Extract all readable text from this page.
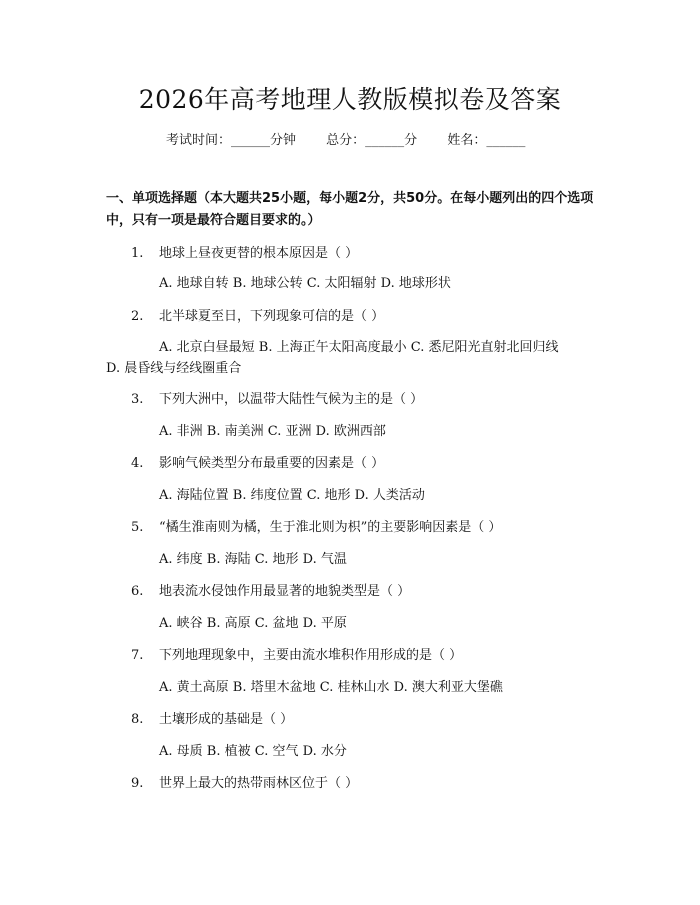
2026年高考地理人教版模拟卷及答案
考试时间：______分钟 总分：______分 姓名：______
一、单项选择题（本大题共25小题，每小题2分，共50分。在每小题列出的四个选项中，只有一项是最符合题目要求的。）
1. 地球上昼夜更替的根本原因是（ ）
A. 地球自转 B. 地球公转 C. 太阳辐射 D. 地球形状
2. 北半球夏至日，下列现象可信的是（ ）
A. 北京白昼最短 B. 上海正午太阳高度最小 C. 悉尼阳光直射北回归线
D. 晨昏线与经线圈重合
3. 下列大洲中，以温带大陆性气候为主的是（ ）
A. 非洲 B. 南美洲 C. 亚洲 D. 欧洲西部
4. 影响气候类型分布最重要的因素是（ ）
A. 海陆位置 B. 纬度位置 C. 地形 D. 人类活动
5. “橘生淮南则为橘，生于淮北则为枳”的主要影响因素是（ ）
A. 纬度 B. 海陆 C. 地形 D. 气温
6. 地表流水侵蚀作用最显著的地貌类型是（ ）
A. 峡谷 B. 高原 C. 盆地 D. 平原
7. 下列地理现象中，主要由流水堆积作用形成的是（ ）
A. 黄土高原 B. 塔里木盆地 C. 桂林山水 D. 澳大利亚大堡礁
8. 土壤形成的基础是（ ）
A. 母质 B. 植被 C. 空气 D. 水分
9. 世界上最大的热带雨林区位于（ ）
